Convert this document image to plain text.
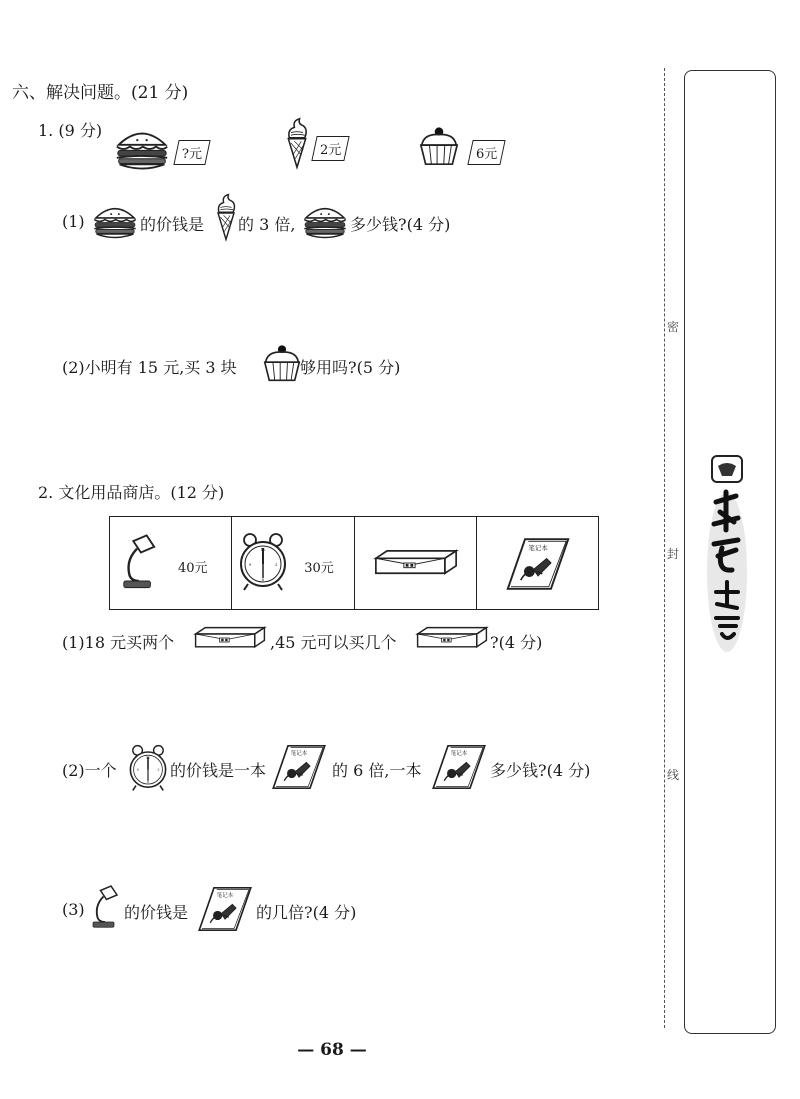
六、解决问题。(21 分)
1. (9 分)
?元	2元	6元
(1)	的价钱是 的 3 倍,	多少钱?(4 分)
(2)小明有 15 元,买 3 块	够用吗?(5 分)
2. 文化用品商店。(12 分)
40元	30元
(1)18 元买两个	,45 元可以买几个	?(4 分)
(2)一个	的价钱是一本	的 6 倍,一本	多少钱?(4 分)
(3) 的价钱是	的几倍?(4 分)
密
封
线
— 68 —
